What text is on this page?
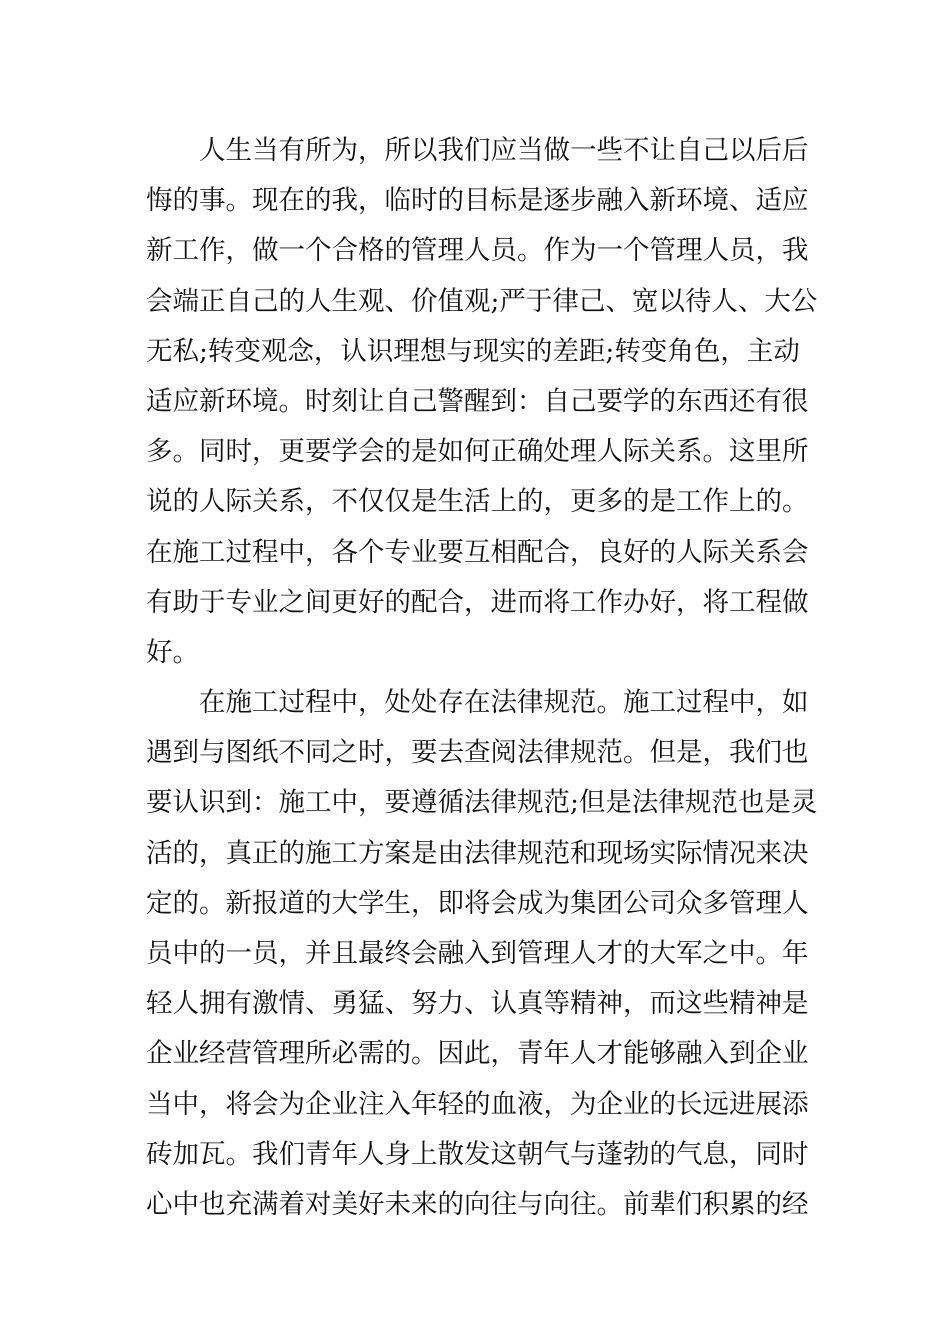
人生当有所为，所以我们应当做一些不让自己以后后
悔的事。现在的我，临时的目标是逐步融入新环境、适应
新工作，做一个合格的管理人员。作为一个管理人员，我
会端正自己的人生观、价值观;严于律己、宽以待人、大公
无私;转变观念，认识理想与现实的差距;转变角色，主动
适应新环境。时刻让自己警醒到：自己要学的东西还有很
多。同时，更要学会的是如何正确处理人际关系。这里所
说的人际关系，不仅仅是生活上的，更多的是工作上的。
在施工过程中，各个专业要互相配合，良好的人际关系会
有助于专业之间更好的配合，进而将工作办好，将工程做
好。
在施工过程中，处处存在法律规范。施工过程中，如
遇到与图纸不同之时，要去查阅法律规范。但是，我们也
要认识到：施工中，要遵循法律规范;但是法律规范也是灵
活的，真正的施工方案是由法律规范和现场实际情况来决
定的。新报道的大学生，即将会成为集团公司众多管理人
员中的一员，并且最终会融入到管理人才的大军之中。年
轻人拥有激情、勇猛、努力、认真等精神，而这些精神是
企业经营管理所必需的。因此，青年人才能够融入到企业
当中，将会为企业注入年轻的血液，为企业的长远进展添
砖加瓦。我们青年人身上散发这朝气与蓬勃的气息，同时
心中也充满着对美好未来的向往与向往。前辈们积累的经
